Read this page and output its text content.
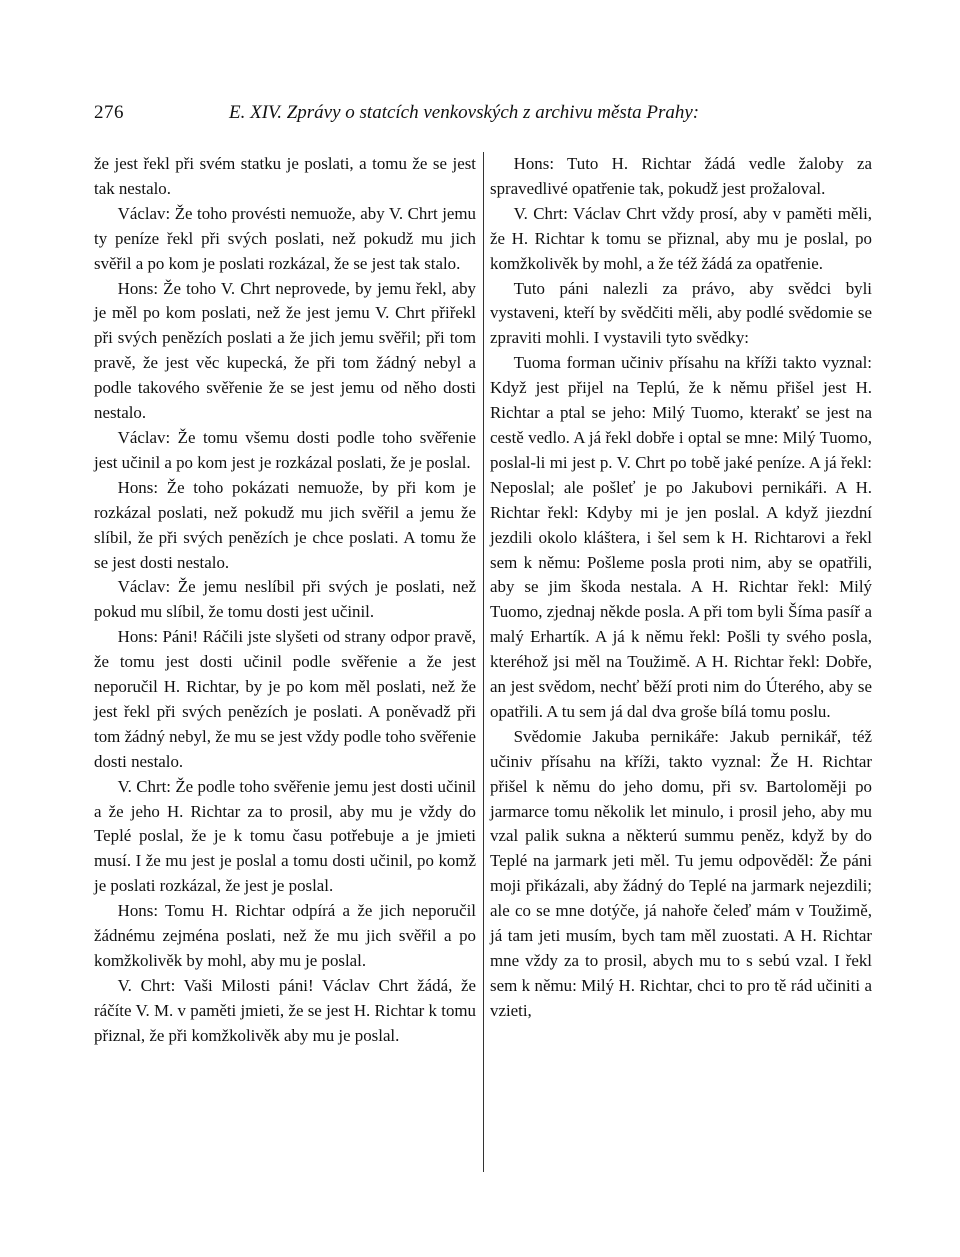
276	E. XIV. Zprávy o statcích venkovských z archivu města Prahy:

že jest řekl při svém statku je poslati, a tomu že se jest tak nestalo.

Václav: Že toho provésti nemuože, aby V. Chrt jemu ty peníze řekl při svých poslati, než pokudž mu jich svěřil a po kom je poslati rozkázal, že se jest tak stalo.

Hons: Že toho V. Chrt neprovede, by jemu řekl, aby je měl po kom poslati, než že jest jemu V. Chrt přiřekl při svých penězích poslati a že jich jemu svěřil; při tom pravě, že jest věc kupecká, že při tom žádný nebyl a podle takového svěřenie že se jest jemu od něho dosti nestalo.

Václav: Že tomu všemu dosti podle toho svěřenie jest učinil a po kom jest je rozkázal poslati, že je poslal.

Hons: Že toho pokázati nemuože, by při kom je rozkázal poslati, než pokudž mu jich svěřil a jemu že slíbil, že při svých penězích je chce poslati. A tomu že se jest dosti nestalo.

Václav: Že jemu neslíbil při svých je poslati, než pokud mu slíbil, že tomu dosti jest učinil.

Hons: Páni! Ráčili jste slyšeti od strany odpor pravě, že tomu jest dosti učinil podle svěřenie a že jest neporučil H. Richtar, by je po kom měl poslati, než že jest řekl při svých penězích je poslati. A poněvadž při tom žádný nebyl, že mu se jest vždy podle toho svěřenie dosti nestalo.

V. Chrt: Že podle toho svěřenie jemu jest dosti učinil a že jeho H. Richtar za to prosil, aby mu je vždy do Teplé poslal, že je k tomu času potřebuje a je jmieti musí. I že mu jest je poslal a tomu dosti učinil, po komž je poslati rozkázal, že jest je poslal.

Hons: Tomu H. Richtar odpírá a že jich neporučil žádnému zejména poslati, než že mu jich svěřil a po komžkolivěk by mohl, aby mu je poslal.

V. Chrt: Vaši Milosti páni! Václav Chrt žádá, že ráčíte V. M. v paměti jmieti, že se jest H. Richtar k tomu přiznal, že při komžkolivěk aby mu je poslal.

Hons: Tuto H. Richtar žádá vedle žaloby za spravedlivé opatřenie tak, pokudž jest prožaloval.

V. Chrt: Václav Chrt vždy prosí, aby v paměti měli, že H. Richtar k tomu se přiznal, aby mu je poslal, po komžkolivěk by mohl, a že též žádá za opatřenie.

Tuto páni nalezli za právo, aby svědci byli vystaveni, kteří by svědčiti měli, aby podlé svědomie se zpraviti mohli. I vystavili tyto svědky:

Tuoma forman učiniv přísahu na kříži takto vyznal: Když jest přijel na Teplú, že k němu přišel jest H. Richtar a ptal se jeho: Milý Tuomo, kterakť se jest na cestě vedlo. A já řekl dobře i optal se mne: Milý Tuomo, poslal-li mi jest p. V. Chrt po tobě jaké peníze. A já řekl: Neposlal; ale pošleť je po Jakubovi pernikáři. A H. Richtar řekl: Kdyby mi je jen poslal. A když jiezdní jezdili okolo kláštera, i šel sem k H. Richtarovi a řekl sem k němu: Pošleme posla proti nim, aby se opatřili, aby se jim škoda nestala. A H. Richtar řekl: Milý Tuomo, zjednaj někde posla. A při tom byli Šíma pasíř a malý Erhartík. A já k němu řekl: Pošli ty svého posla, kteréhož jsi měl na Toužimě. A H. Richtar řekl: Dobře, an jest svědom, nechť běží proti nim do Úterého, aby se opatřili. A tu sem já dal dva groše bílá tomu poslu.

Svědomie Jakuba pernikáře: Jakub pernikář, též učiniv přísahu na kříži, takto vyznal: Že H. Richtar přišel k němu do jeho domu, při sv. Bartoloměji po jarmarce tomu několik let minulo, i prosil jeho, aby mu vzal palik sukna a některú summu peněz, když by do Teplé na jarmark jeti měl. Tu jemu odpověděl: Že páni moji přikázali, aby žádný do Teplé na jarmark nejezdili; ale co se mne dotýče, já nahoře čeleď mám v Toužimě, já tam jeti musím, bych tam měl zuostati. A H. Richtar mne vždy za to prosil, abych mu to s sebú vzal. I řekl sem k němu: Milý H. Richtar, chci to pro tě rád učiniti a vzieti,
